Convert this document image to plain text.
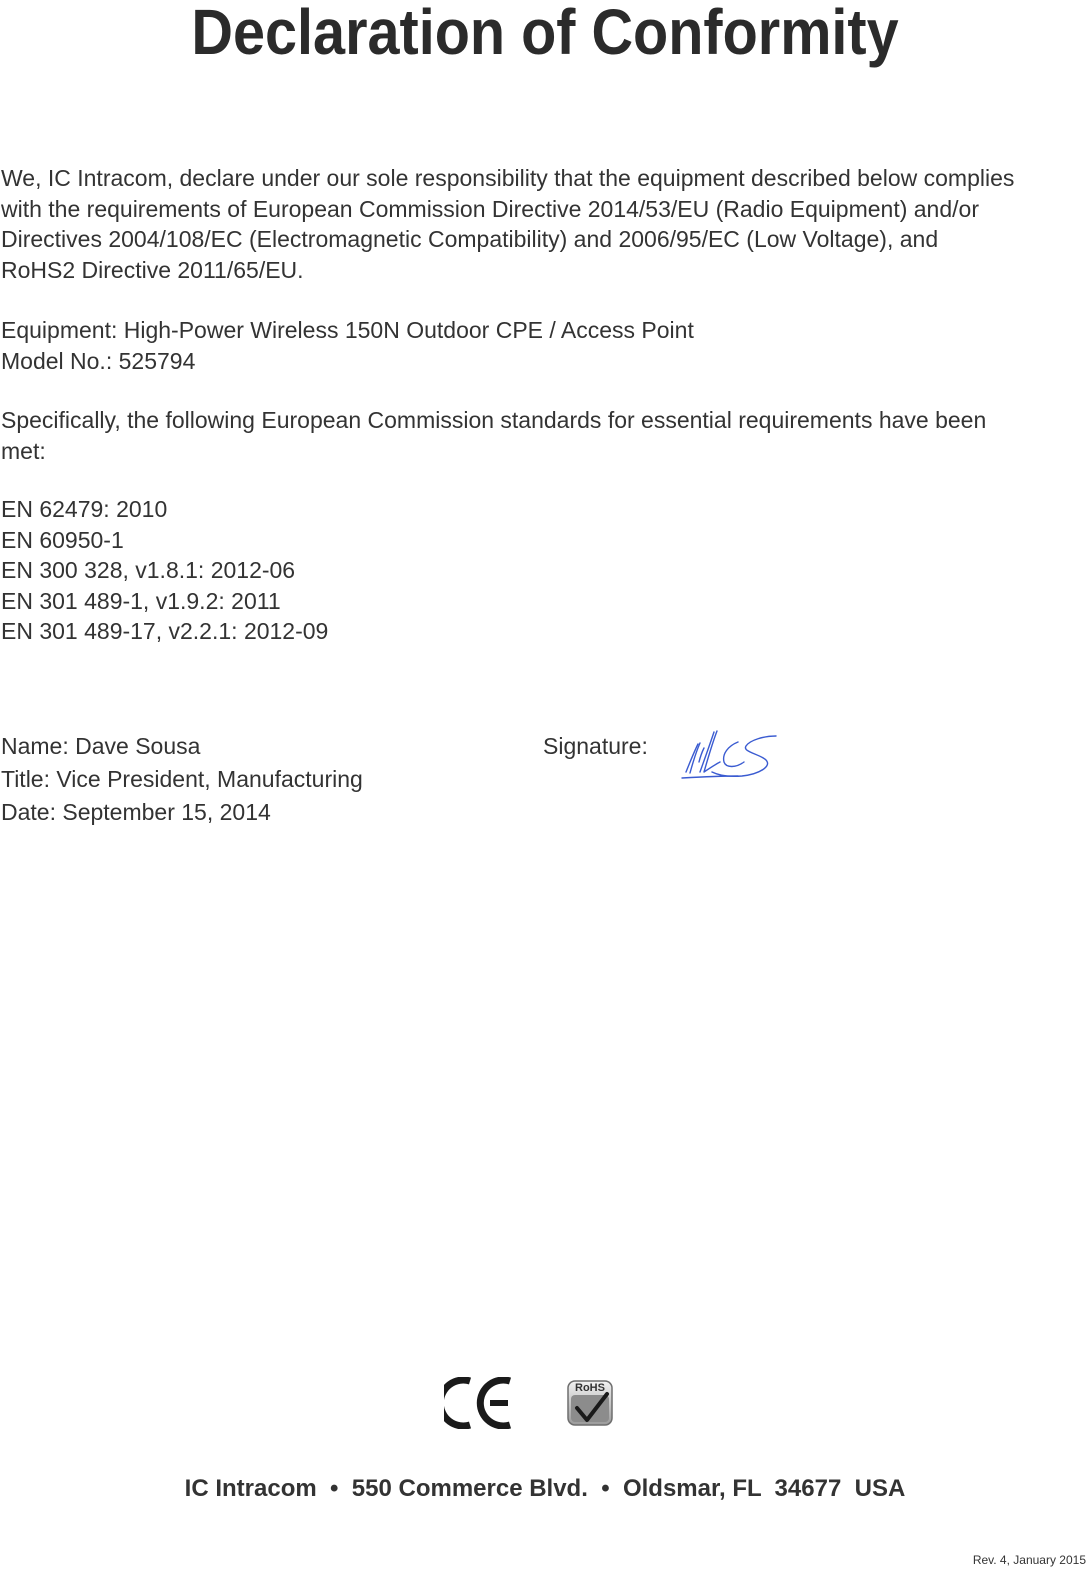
Declaration of Conformity

We, IC Intracom, declare under our sole responsibility that the equipment described below complies
with the requirements of European Commission Directive 2014/53/EU (Radio Equipment) and/or
Directives 2004/108/EC (Electromagnetic Compatibility) and 2006/95/EC (Low Voltage), and
RoHS2 Directive 2011/65/EU.

Equipment: High-Power Wireless 150N Outdoor CPE / Access Point
Model No.: 525794

Specifically, the following European Commission standards for essential requirements have been
met:

EN 62479: 2010
EN 60950-1
EN 300 328, v1.8.1: 2012-06
EN 301 489-1, v1.9.2: 2011
EN 301 489-17, v2.2.1: 2012-09
Name: Dave Sousa
Title: Vice President, Manufacturing
Date: September 15, 2014
Signature:
RoHS
IC Intracom  •  550 Commerce Blvd.  •  Oldsmar, FL  34677  USA
Rev. 4, January 2015
